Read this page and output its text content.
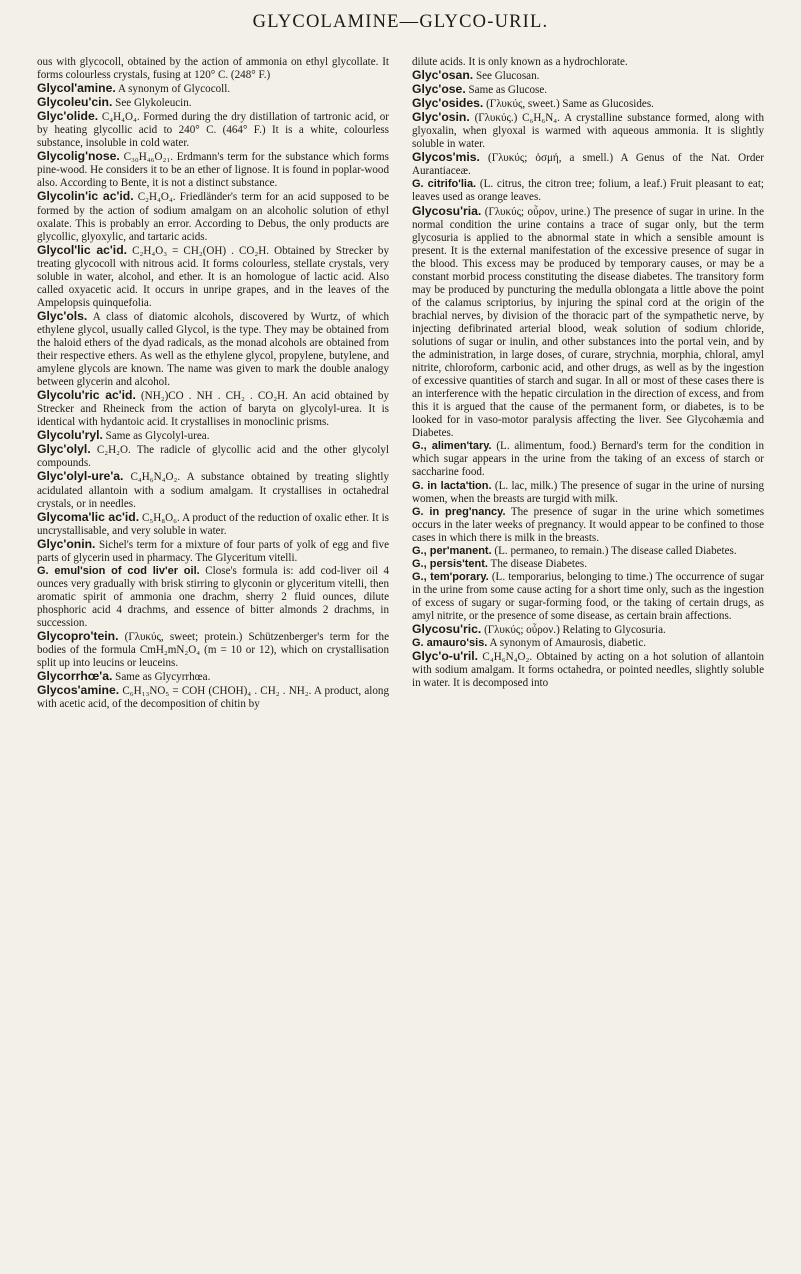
GLYCOLAMINE—GLYCO-URIL.

ous with glycocoll, obtained by the action of ammonia on ethyl glycollate. It forms colourless crystals, fusing at 120° C. (248° F.)

Glycol'amine. A synonym of Glycocoll.

Glycoleu'cin. See Glykoleucin.

Glyc'olide. C₄H₄O₄. Formed during the dry distillation of tartronic acid, or by heating glycollic acid to 240° C. (464° F.) It is a white, colourless substance, insoluble in cold water.

Glycolig'nose. C₃₀H₄₆O₂₁. Erdmann's term for the substance which forms pine-wood. He considers it to be an ether of lignose. It is found in poplar-wood also. According to Bente, it is not a distinct substance.

Glycolin'ic ac'id. C₂H₄O₄. Friedländer's term for an acid supposed to be formed by the action of sodium amalgam on an alcoholic solution of ethyl oxalate. This is probably an error. According to Debus, the only products are glycollic, glyoxylic, and tartaric acids.

Glycol'lic ac'id. C₂H₄O₃ = CH₂(OH) . CO₂H. Obtained by Strecker by treating glycocoll with nitrous acid. It forms colourless, stellate crystals, very soluble in water, alcohol, and ether. It is an homologue of lactic acid. Also called oxyacetic acid. It occurs in unripe grapes, and in the leaves of the Ampelopsis quinquefolia.

Glyc'ols. A class of diatomic alcohols, discovered by Wurtz, of which ethylene glycol, usually called Glycol, is the type. They may be obtained from the haloid ethers of the dyad radicals, as the monad alcohols are obtained from their respective ethers. As well as the ethylene glycol, propylene, butylene, and amylene glycols are known. The name was given to mark the double analogy between glycerin and alcohol.

Glycolu'ric ac'id. (NH₂)CO . NH . CH₂ . CO₂H. An acid obtained by Strecker and Rheineck from the action of baryta on glycolyl-urea. It is identical with hydantoic acid. It crystallises in monoclinic prisms.

Glycolu'ryl. Same as Glycolyl-urea.

Glyc'olyl. C₂H₂O. The radicle of glycollic acid and the other glycolyl compounds.

Glyc'olyl-ure'a. C₄H₆N₄O₂. A substance obtained by treating slightly acidulated allantoin with a sodium amalgam. It crystallises in octahedral crystals, or in needles.

Glycoma'lic ac'id. C₅H₈O₆. A product of the reduction of oxalic ether. It is uncrystallisable, and very soluble in water.

Glyc'onin. Sichel's term for a mixture of four parts of yolk of egg and five parts of glycerin used in pharmacy. The Glyceritum vitelli.

G. emul'sion of cod liv'er oil. Close's formula is: add cod-liver oil 4 ounces very gradually with brisk stirring to glyconin or glyceritum vitelli, then aromatic spirit of ammonia one drachm, sherry 2 fluid ounces, dilute phosphoric acid 4 drachms, and essence of bitter almonds 2 drachms, in succession.

Glycopro'tein. (Γλυκύς, sweet; protein.) Schützenberger's term for the bodies of the formula CmH₂mN₂O₄ (m = 10 or 12), which on crystallisation split up into leucins or leuceins.

Glycorrhœ'a. Same as Glycyrrhœa.

Glycos'amine. C₆H₁₃NO₅ = COH (CHOH)₄ . CH₂ . NH₂. A product, along with acetic acid, of the decomposition of chitin by

dilute acids. It is only known as a hydrochlorate.

Glyc'osan. See Glucosan.

Glyc'ose. Same as Glucose.

Glyc'osides. (Γλυκύς, sweet.) Same as Glucosides.

Glyc'osin. (Γλυκύς.) C₆H₆N₄. A crystalline substance formed, along with glyoxalin, when glyoxal is warmed with aqueous ammonia. It is slightly soluble in water.

Glycos'mis. (Γλυκύς; ὀσμή, a smell.) A Genus of the Nat. Order Aurantiaceæ.

G. citrifo'lia. (L. citrus, the citron tree; folium, a leaf.) Fruit pleasant to eat; leaves used as orange leaves.

Glycosu'ria. (Γλυκύς; οὖρον, urine.) The presence of sugar in urine. In the normal condition the urine contains a trace of sugar only, but the term glycosuria is applied to the abnormal state in which a sensible amount is present. It is the external manifestation of the excessive presence of sugar in the blood. This excess may be produced by temporary causes, or may be a constant morbid process constituting the disease diabetes. The transitory form may be produced by puncturing the medulla oblongata a little above the point of the calamus scriptorius, by injuring the spinal cord at the origin of the brachial nerves, by division of the thoracic part of the sympathetic nerve, by injecting defibrinated arterial blood, weak solution of sodium chloride, solutions of sugar or inulin, and other substances into the portal vein, and by the administration, in large doses, of curare, strychnia, morphia, chloral, amyl nitrite, chloroform, carbonic acid, and other drugs, as well as by the ingestion of excessive quantities of starch and sugar. In all or most of these cases there is an interference with the hepatic circulation in the direction of excess, and from this it is argued that the cause of the permanent form, or diabetes, is to be looked for in vaso-motor paralysis affecting the liver. See Glycohæmia and Diabetes.

G., alimen'tary. (L. alimentum, food.) Bernard's term for the condition in which sugar appears in the urine from the taking of an excess of starch or saccharine food.

G. in lacta'tion. (L. lac, milk.) The presence of sugar in the urine of nursing women, when the breasts are turgid with milk.

G. in preg'nancy. The presence of sugar in the urine which sometimes occurs in the later weeks of pregnancy. It would appear to be confined to those cases in which there is milk in the breasts.

G., per'manent. (L. permaneo, to remain.) The disease called Diabetes.

G., persis'tent. The disease Diabetes.

G., tem'porary. (L. temporarius, belonging to time.) The occurrence of sugar in the urine from some cause acting for a short time only, such as the ingestion of excess of sugary or sugar-forming food, or the taking of certain drugs, as amyl nitrite, or the presence of some disease, as certain brain affections.

Glycosu'ric. (Γλυκύς; οὖρον.) Relating to Glycosuria.

G. amauro'sis. A synonym of Amaurosis, diabetic.

Glyc'o-u'ril. C₄H₆N₄O₂. Obtained by acting on a hot solution of allantoin with sodium amalgam. It forms octahedra, or pointed needles, slightly soluble in water. It is decomposed into
